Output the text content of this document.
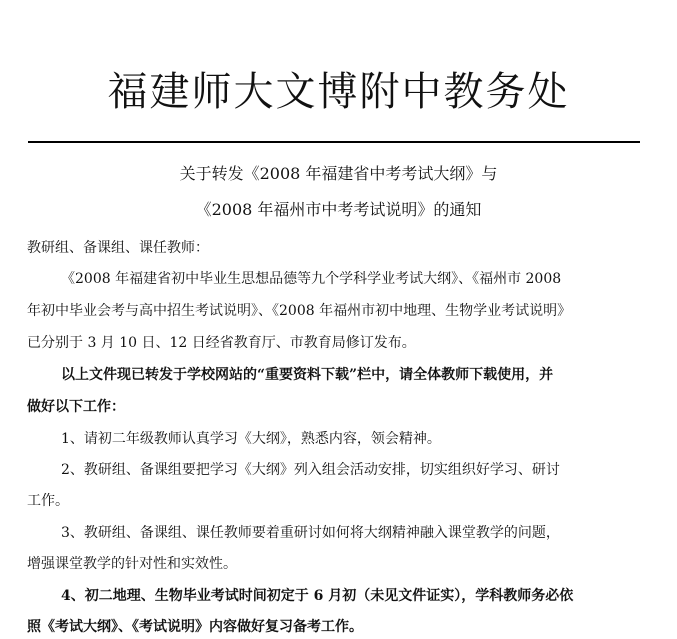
福建师大文博附中教务处
关于转发《2008 年福建省中考考试大纲》与
《2008 年福州市中考考试说明》的通知
教研组、备课组、课任教师：
《2008 年福建省初中毕业生思想品德等九个学科学业考试大纲》、《福州市 2008
年初中毕业会考与高中招生考试说明》、《2008 年福州市初中地理、生物学业考试说明》
已分别于 3 月 10 日、12 日经省教育厅、市教育局修订发布。
以上文件现已转发于学校网站的“重要资料下载”栏中，请全体教师下载使用，并
做好以下工作：
1、请初二年级教师认真学习《大纲》，熟悉内容，领会精神。
2、教研组、备课组要把学习《大纲》列入组会活动安排，切实组织好学习、研讨
工作。
3、教研组、备课组、课任教师要着重研讨如何将大纲精神融入课堂教学的问题，
增强课堂教学的针对性和实效性。
4、初二地理、生物毕业考试时间初定于 6 月初（未见文件证实），学科教师务必依
照《考试大纲》、《考试说明》内容做好复习备考工作。
